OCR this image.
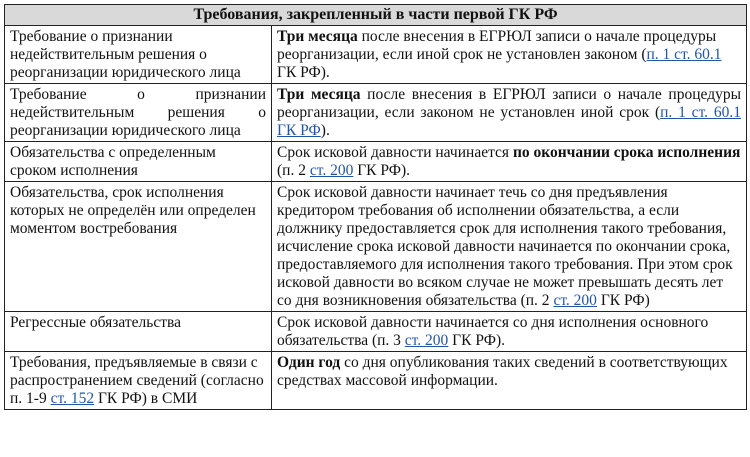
Требования, закрепленный в части первой ГК РФ	
Требование о признании недействительным решения о реорганизации юридического лица	Три месяца после внесения в ЕГРЮЛ записи о начале процедуры реорганизации, если иной срок не установлен законом (п. 1 ст. 60.1 ГК РФ).
Требование о признании недействительным решения о реорганизации юридического лица	Три месяца после внесения в ЕГРЮЛ записи о начале процедуры реорганизации, если законом не установлен иной срок (п. 1 ст. 60.1 ГК РФ).
Обязательства с определенным сроком исполнения	Срок исковой давности начинается по окончании срока исполнения (п. 2 ст. 200 ГК РФ).
Обязательства, срок исполнения которых не определён или определен моментом востребования	Срок исковой давности начинает течь со дня предъявления кредитором требования об исполнении обязательства, а если должнику предоставляется срок для исполнения такого требования, исчисление срока исковой давности начинается по окончании срока, предоставляемого для исполнения такого требования. При этом срок исковой давности во всяком случае не может превышать десять лет со дня возникновения обязательства (п. 2 ст. 200 ГК РФ)
Регрессные обязательства	Срок исковой давности начинается со дня исполнения основного обязательства (п. 3 ст. 200 ГК РФ).
Требования, предъявляемые в связи с распространением сведений (согласно п. 1-9 ст. 152 ГК РФ) в СМИ	Один год со дня опубликования таких сведений в соответствующих средствах массовой информации.
